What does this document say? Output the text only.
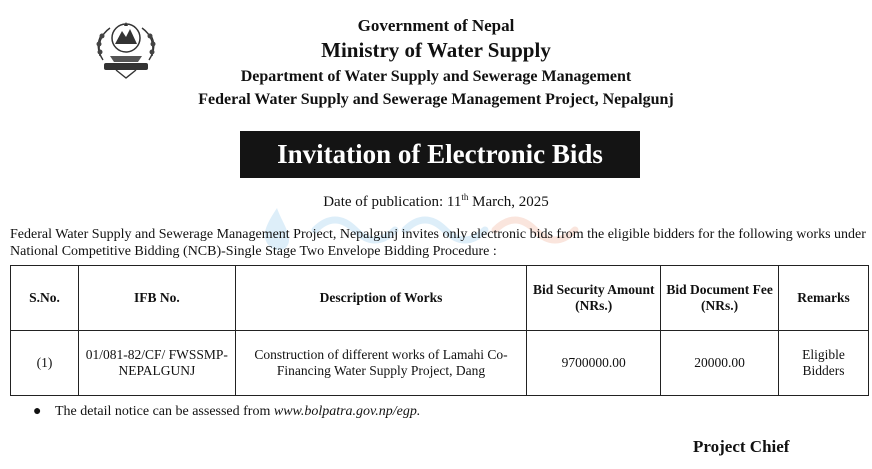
Government of Nepal
Ministry of Water Supply
Department of Water Supply and Sewerage Management
Federal Water Supply and Sewerage Management Project, Nepalgunj
Invitation of Electronic Bids
Date of publication: 11th March, 2025
Federal Water Supply and Sewerage Management Project, Nepalgunj invites only electronic bids from the eligible bidders for the following works under National Competitive Bidding (NCB)-Single Stage Two Envelope Bidding Procedure :
S.No.	IFB No.	Description of Works	Bid Security Amount (NRs.)	Bid Document Fee (NRs.)	Remarks
(1)	01/081-82/CF/ FWSSMP-NEPALGUNJ	Construction of different works of Lamahi Co-Financing Water Supply Project, Dang	9700000.00	20000.00	Eligible Bidders
● The detail notice can be assessed from www.bolpatra.gov.np/egp.
Project Chief
